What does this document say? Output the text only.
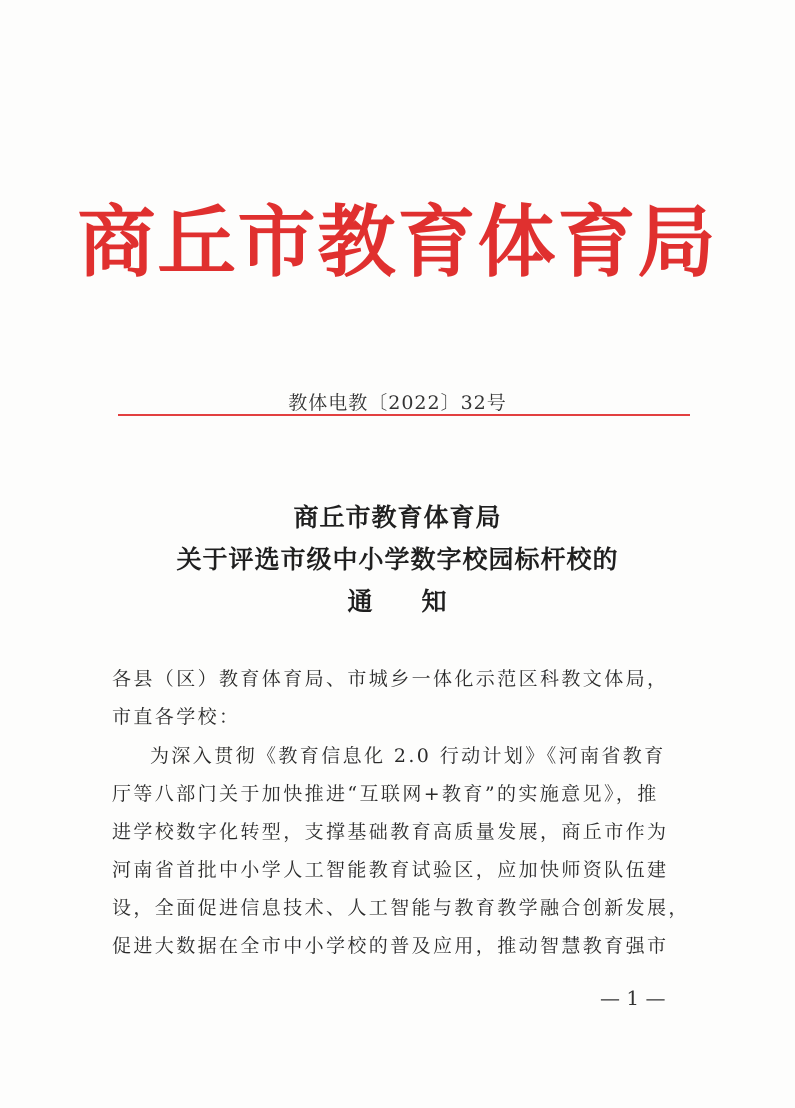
商丘市教育体育局
教体电教〔2022〕32号
商丘市教育体育局
关于评选市级中小学数字校园标杆校的
通 知
各县（区）教育体育局、市城乡一体化示范区科教文体局，
市直各学校：
为深入贯彻《教育信息化 2.0 行动计划》《河南省教育
厅等八部门关于加快推进“互联网+教育”的实施意见》，推
进学校数字化转型，支撑基础教育高质量发展，商丘市作为
河南省首批中小学人工智能教育试验区，应加快师资队伍建
设，全面促进信息技术、人工智能与教育教学融合创新发展，
促进大数据在全市中小学校的普及应用，推动智慧教育强市
— 1 —
